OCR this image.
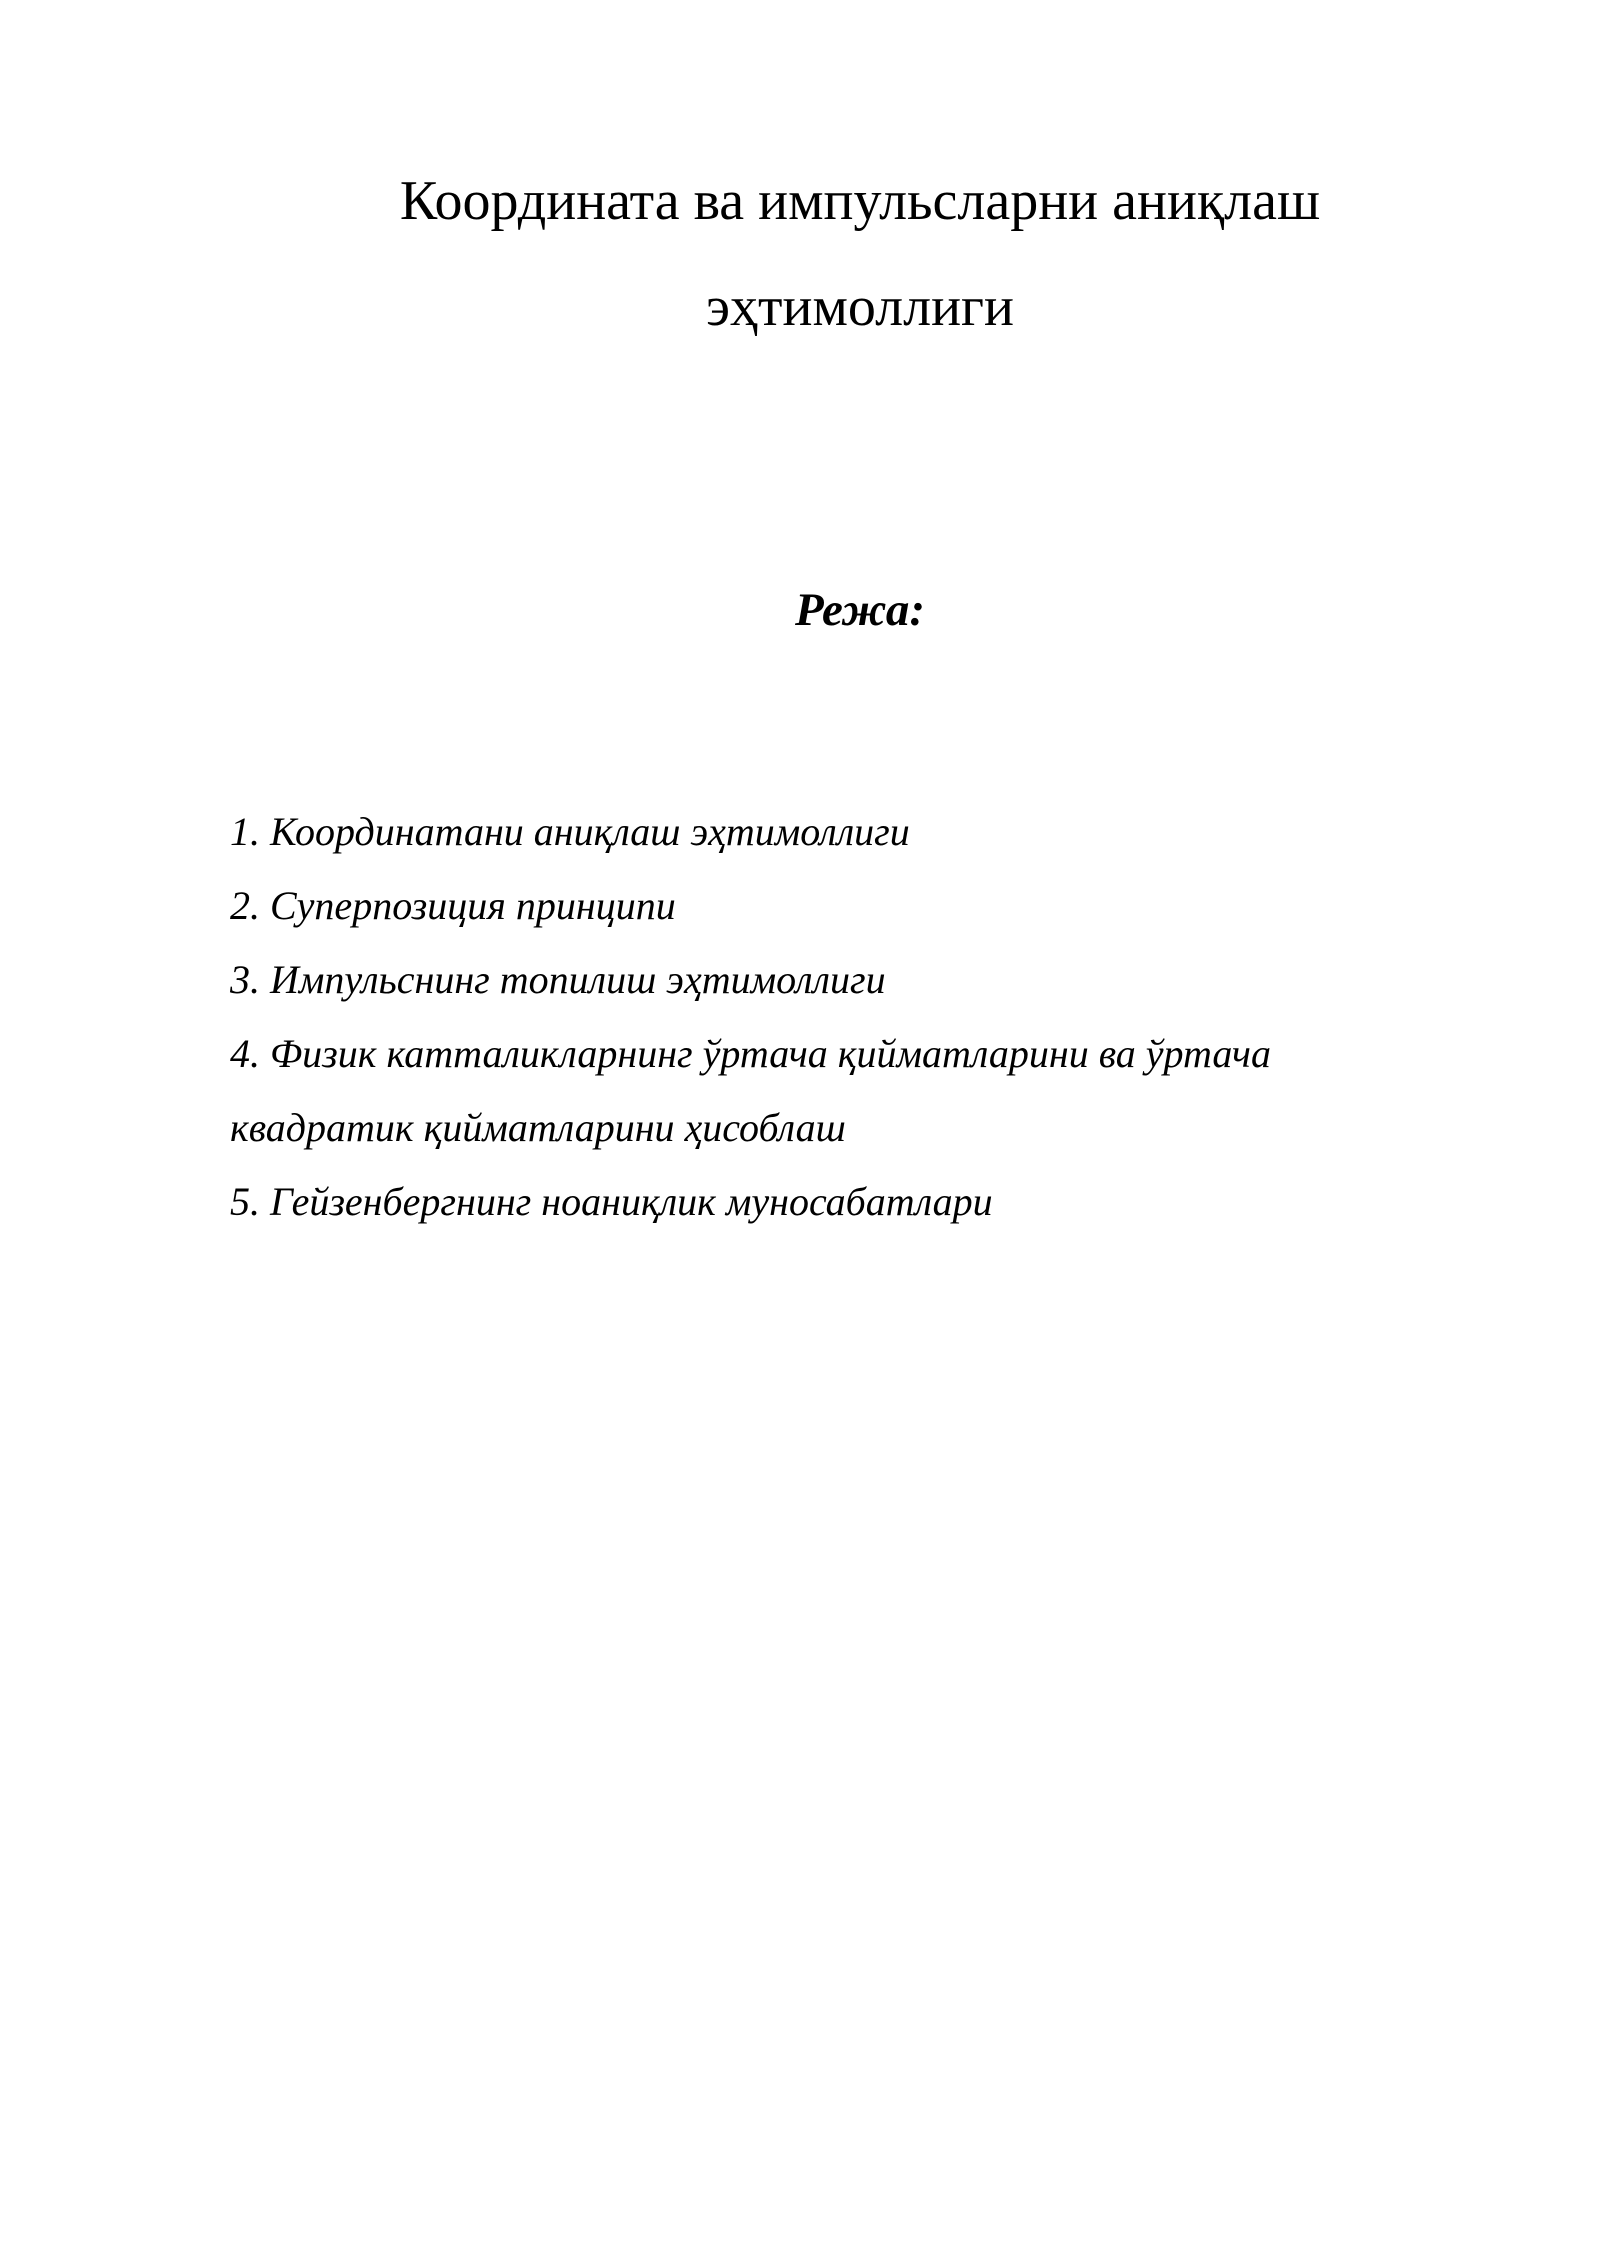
Координата ва импульсларни аниқлаш
эҳтимоллиги
Режа:
1. Координатани аниқлаш эҳтимоллиги
2. Суперпозиция принципи
3. Импульснинг топилиш эҳтимоллиги
4. Физик катталикларнинг ўртача қийматларини ва ўртача
квадратик қийматларини ҳисоблаш
5. Гейзенбергнинг ноаниқлик муносабатлари
